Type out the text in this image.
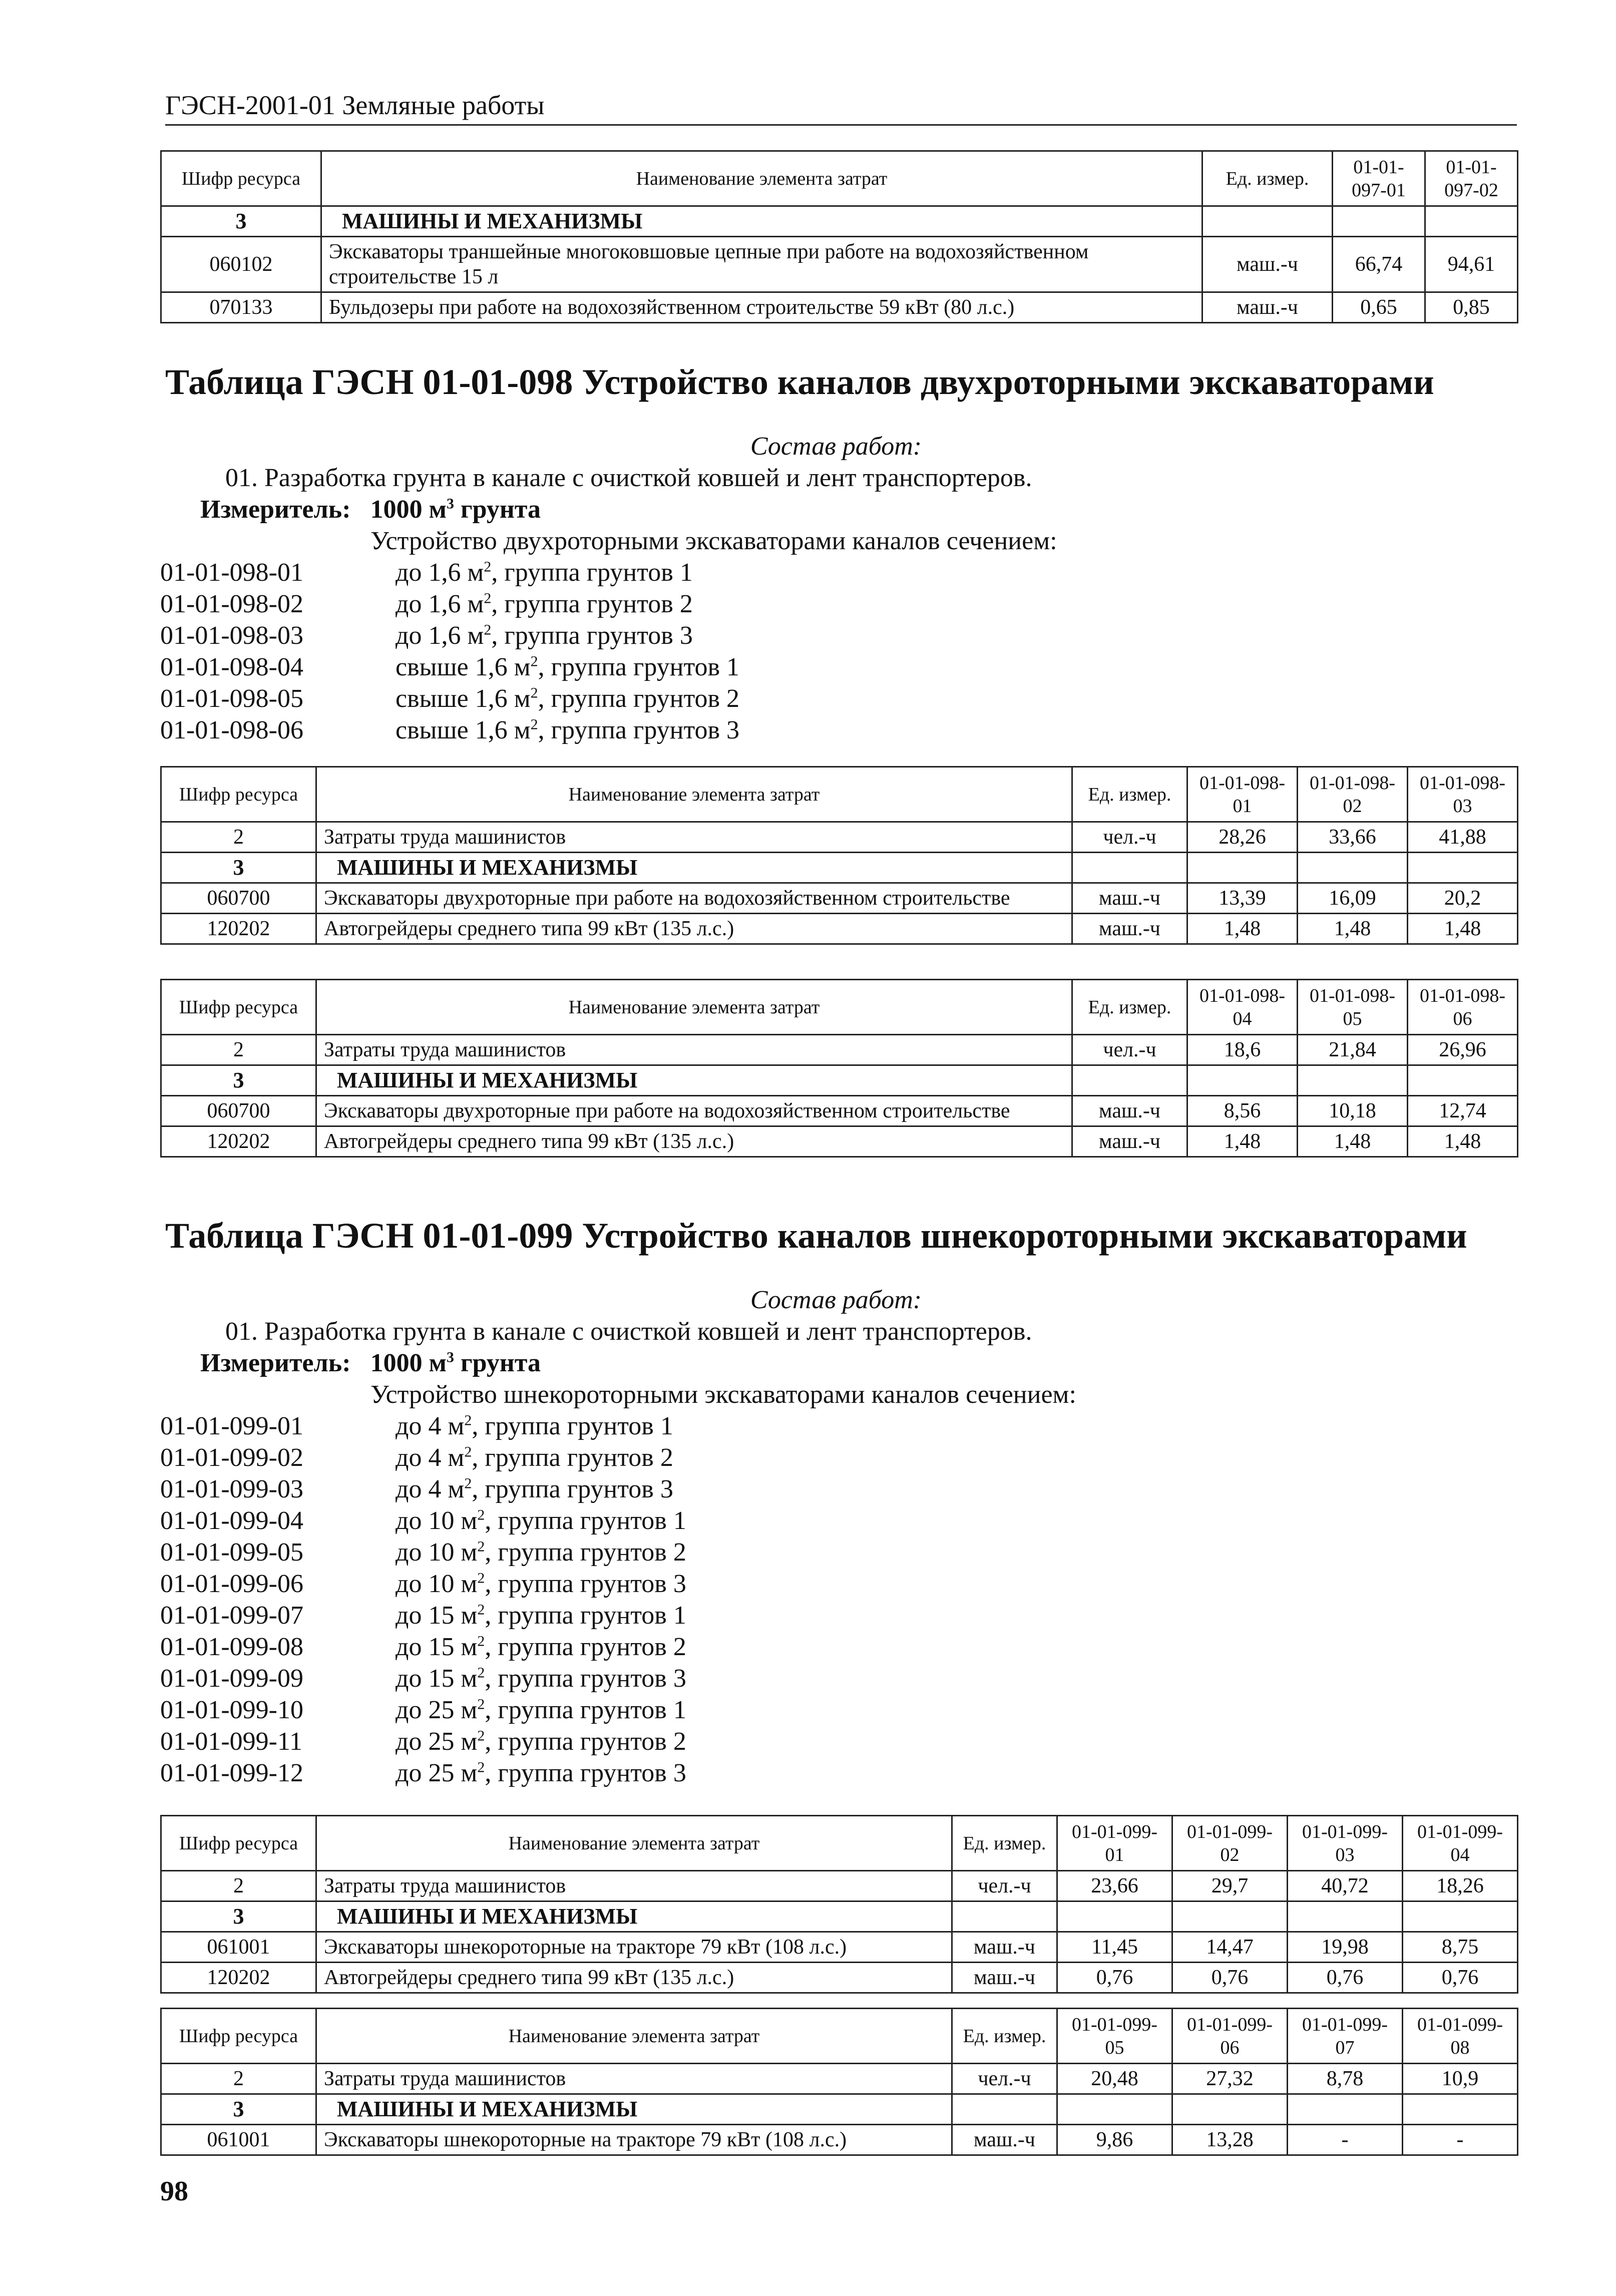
ГЭСН-2001-01 Земляные работы
Шифр ресурса	Наименование элемента затрат	Ед. измер.	01-01-097-01	01-01-097-02
3	МАШИНЫ И МЕХАНИЗМЫ			
060102	Экскаваторы траншейные многоковшовые цепные при работе на водохозяйственном строительстве 15 л	маш.-ч	66,74	94,61
070133	Бульдозеры при работе на водохозяйственном строительстве 59 кВт (80 л.с.)	маш.-ч	0,65	0,85
Таблица ГЭСН 01-01-098 Устройство каналов двухроторными экскаваторами
Состав работ:
01. Разработка грунта в канале с очисткой ковшей и лент транспортеров.
Измеритель: 1000 $м^3$ грунта
Устройство двухроторными экскаваторами каналов сечением:
01-01-098-01	до 1,6 $м^2$, группа грунтов 1
01-01-098-02	до 1,6 $м^2$, группа грунтов 2
01-01-098-03	до 1,6 $м^2$, группа грунтов 3
01-01-098-04	свыше 1,6 $м^2$, группа грунтов 1
01-01-098-05	свыше 1,6 $м^2$, группа грунтов 2
01-01-098-06	свыше 1,6 $м^2$, группа грунтов 3
Шифр ресурса	Наименование элемента затрат	Ед. измер.	01-01-098-01	01-01-098-02	01-01-098-03
2	Затраты труда машинистов	чел.-ч	28,26	33,66	41,88
3	МАШИНЫ И МЕХАНИЗМЫ				
060700	Экскаваторы двухроторные при работе на водохозяйственном строительстве	маш.-ч	13,39	16,09	20,2
120202	Автогрейдеры среднего типа 99 кВт (135 л.с.)	маш.-ч	1,48	1,48	1,48
Шифр ресурса	Наименование элемента затрат	Ед. измер.	01-01-098-04	01-01-098-05	01-01-098-06
2	Затраты труда машинистов	чел.-ч	18,6	21,84	26,96
3	МАШИНЫ И МЕХАНИЗМЫ				
060700	Экскаваторы двухроторные при работе на водохозяйственном строительстве	маш.-ч	8,56	10,18	12,74
120202	Автогрейдеры среднего типа 99 кВт (135 л.с.)	маш.-ч	1,48	1,48	1,48
Таблица ГЭСН 01-01-099 Устройство каналов шнекороторными экскаваторами
Состав работ:
01. Разработка грунта в канале с очисткой ковшей и лент транспортеров.
Измеритель: 1000 $м^3$ грунта
Устройство шнекороторными экскаваторами каналов сечением:
01-01-099-01	до 4 $м^2$, группа грунтов 1
01-01-099-02	до 4 $м^2$, группа грунтов 2
01-01-099-03	до 4 $м^2$, группа грунтов 3
01-01-099-04	до 10 $м^2$, группа грунтов 1
01-01-099-05	до 10 $м^2$, группа грунтов 2
01-01-099-06	до 10 $м^2$, группа грунтов 3
01-01-099-07	до 15 $м^2$, группа грунтов 1
01-01-099-08	до 15 $м^2$, группа грунтов 2
01-01-099-09	до 15 $м^2$, группа грунтов 3
01-01-099-10	до 25 $м^2$, группа грунтов 1
01-01-099-11	до 25 $м^2$, группа грунтов 2
01-01-099-12	до 25 $м^2$, группа грунтов 3
Шифр ресурса	Наименование элемента затрат	Ед. измер.	01-01-099-01	01-01-099-02	01-01-099-03	01-01-099-04
2	Затраты труда машинистов	чел.-ч	23,66	29,7	40,72	18,26
3	МАШИНЫ И МЕХАНИЗМЫ					
061001	Экскаваторы шнекороторные на тракторе 79 кВт (108 л.с.)	маш.-ч	11,45	14,47	19,98	8,75
120202	Автогрейдеры среднего типа 99 кВт (135 л.с.)	маш.-ч	0,76	0,76	0,76	0,76
Шифр ресурса	Наименование элемента затрат	Ед. измер.	01-01-099-05	01-01-099-06	01-01-099-07	01-01-099-08
2	Затраты труда машинистов	чел.-ч	20,48	27,32	8,78	10,9
3	МАШИНЫ И МЕХАНИЗМЫ					
061001	Экскаваторы шнекороторные на тракторе 79 кВт (108 л.с.)	маш.-ч	9,86	13,28	-	-
98
